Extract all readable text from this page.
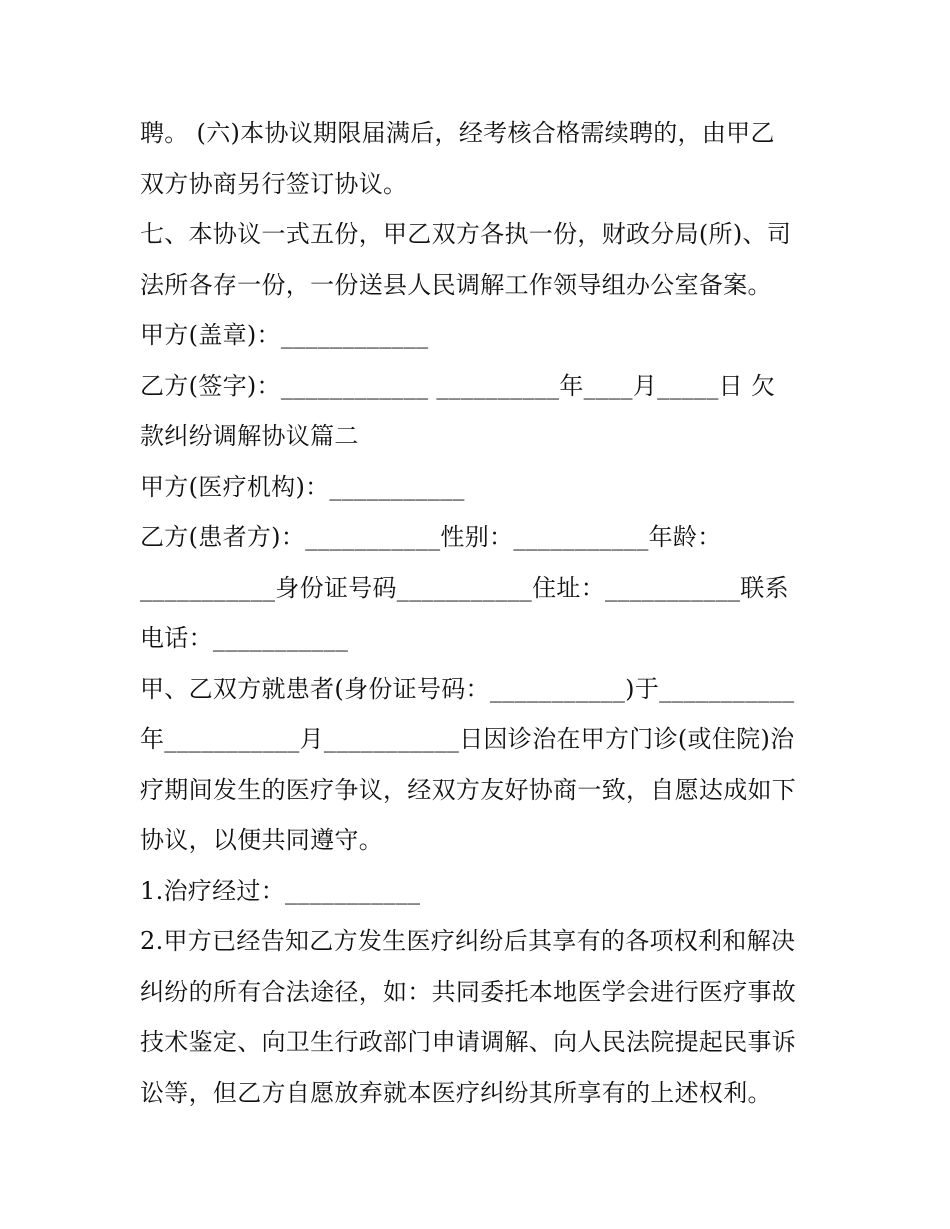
聘。 (六)本协议期限届满后，经考核合格需续聘的，由甲乙
双方协商另行签订协议。
七、本协议一式五份，甲乙双方各执一份，财政分局(所)、司
法所各存一份，一份送县人民调解工作领导组办公室备案。
甲方(盖章)：____________
乙方(签字)：____________ __________年____月_____日 欠
款纠纷调解协议篇二
甲方(医疗机构)：___________
乙方(患者方)：___________性别：___________年龄：
___________身份证号码___________住址：___________联系
电话：___________
甲、乙双方就患者(身份证号码：___________)于___________
年___________月___________日因诊治在甲方门诊(或住院)治
疗期间发生的医疗争议，经双方友好协商一致，自愿达成如下
协议，以便共同遵守。
1.治疗经过：___________
2.甲方已经告知乙方发生医疗纠纷后其享有的各项权利和解决
纠纷的所有合法途径，如：共同委托本地医学会进行医疗事故
技术鉴定、向卫生行政部门申请调解、向人民法院提起民事诉
讼等，但乙方自愿放弃就本医疗纠纷其所享有的上述权利。
